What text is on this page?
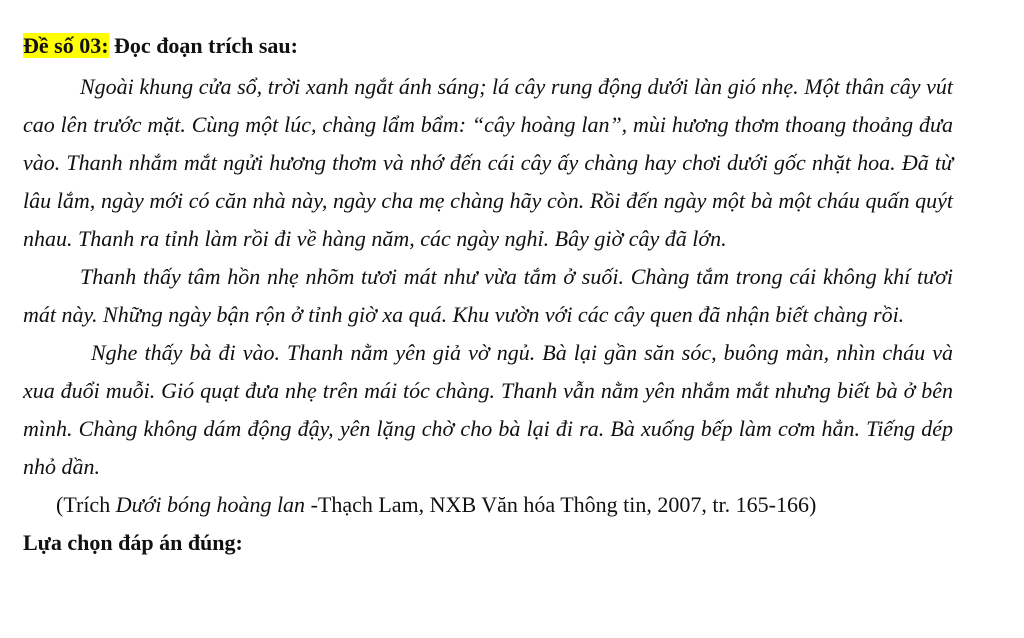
Đề số 03: Đọc đoạn trích sau:

Ngoài khung cửa sổ, trời xanh ngắt ánh sáng; lá cây rung động dưới làn gió nhẹ. Một thân cây vút cao lên trước mặt. Cùng một lúc, chàng lẩm bẩm: “cây hoàng lan”, mùi hương thơm thoang thoảng đưa vào. Thanh nhắm mắt ngửi hương thơm và nhớ đến cái cây ấy chàng hay chơi dưới gốc nhặt hoa. Đã từ lâu lắm, ngày mới có căn nhà này, ngày cha mẹ chàng hãy còn. Rồi đến ngày một bà một cháu quấn quýt nhau. Thanh ra tỉnh làm rồi đi về hàng năm, các ngày nghỉ. Bây giờ cây đã lớn.

Thanh thấy tâm hồn nhẹ nhõm tươi mát như vừa tắm ở suối. Chàng tắm trong cái không khí tươi mát này. Những ngày bận rộn ở tỉnh giờ xa quá. Khu vườn với các cây quen đã nhận biết chàng rồi.

Nghe thấy bà đi vào. Thanh nằm yên giả vờ ngủ. Bà lại gần săn sóc, buông màn, nhìn cháu và xua đuổi muỗi. Gió quạt đưa nhẹ trên mái tóc chàng. Thanh vẫn nằm yên nhắm mắt nhưng biết bà ở bên mình. Chàng không dám động đậy, yên lặng chờ cho bà lại đi ra. Bà xuống bếp làm cơm hẳn. Tiếng dép nhỏ dần.

(Trích Dưới bóng hoàng lan -Thạch Lam, NXB Văn hóa Thông tin, 2007, tr. 165-166)
Lựa chọn đáp án đúng:
